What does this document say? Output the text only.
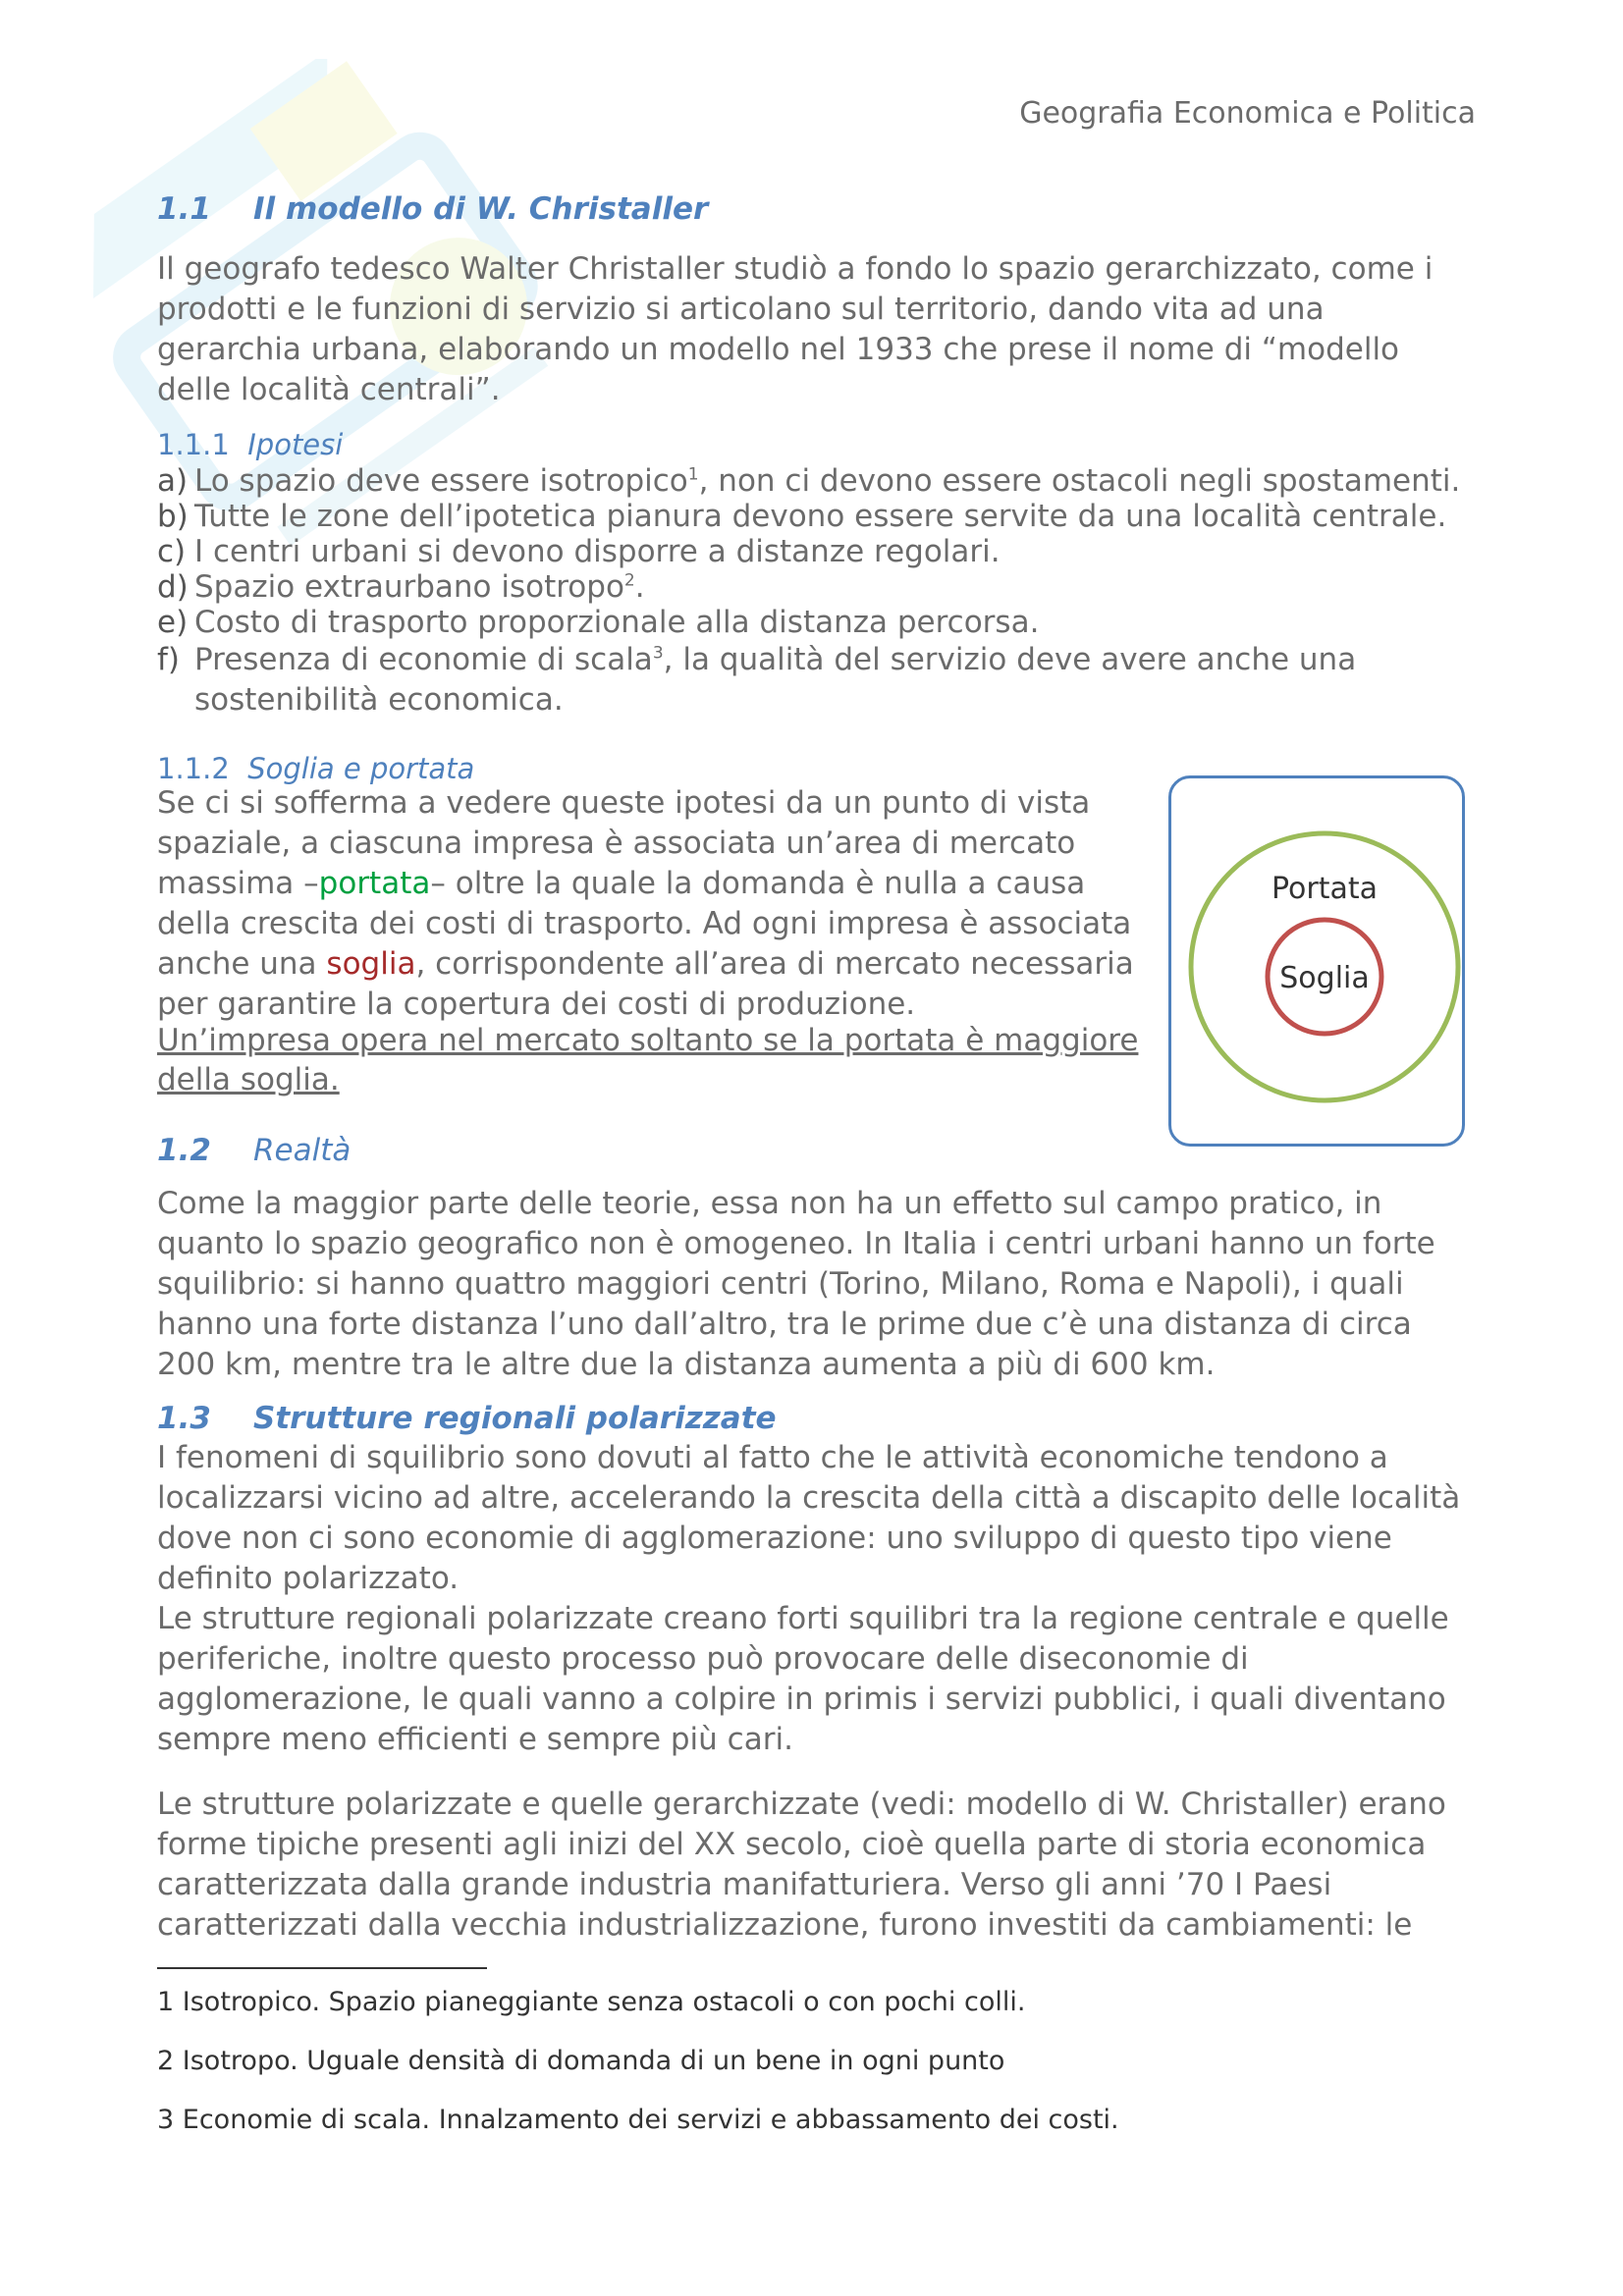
Geografia Economica e Politica
1.1 Il modello di W. Christaller

Il geografo tedesco Walter Christaller studiò a fondo lo spazio gerarchizzato, come i prodotti e le funzioni di servizio si articolano sul territorio, dando vita ad una gerarchia urbana, elaborando un modello nel 1933 che prese il nome di “modello delle località centrali”.

1.1.1 Ipotesi
a) Lo spazio deve essere isotropico$^1$, non ci devono essere ostacoli negli spostamenti.
b) Tutte le zone dell’ipotetica pianura devono essere servite da una località centrale.
c) I centri urbani si devono disporre a distanze regolari.
d) Spazio extraurbano isotropo$^2$.
e) Costo di trasporto proporzionale alla distanza percorsa.
f) Presenza di economie di scala$^3$, la qualità del servizio deve avere anche una sostenibilità economica.
1.1.2 Soglia e portata

Se ci si sofferma a vedere queste ipotesi da un punto di vista spaziale, a ciascuna impresa è associata un’area di mercato massima –portata– oltre la quale la domanda è nulla a causa della crescita dei costi di trasporto. Ad ogni impresa è associata anche una soglia, corrispondente all’area di mercato necessaria per garantire la copertura dei costi di produzione.

Un’impresa opera nel mercato soltanto se la portata è maggiore della soglia.

Portata
Soglia
1.2 Realtà

Come la maggior parte delle teorie, essa non ha un effetto sul campo pratico, in quanto lo spazio geografico non è omogeneo. In Italia i centri urbani hanno un forte squilibrio: si hanno quattro maggiori centri (Torino, Milano, Roma e Napoli), i quali hanno una forte distanza l’uno dall’altro, tra le prime due c’è una distanza di circa 200 km, mentre tra le altre due la distanza aumenta a più di 600 km.

1.3 Strutture regionali polarizzate

I fenomeni di squilibrio sono dovuti al fatto che le attività economiche tendono a localizzarsi vicino ad altre, accelerando la crescita della città a discapito delle località dove non ci sono economie di agglomerazione: uno sviluppo di questo tipo viene definito polarizzato.

Le strutture regionali polarizzate creano forti squilibri tra la regione centrale e quelle periferiche, inoltre questo processo può provocare delle diseconomie di agglomerazione, le quali vanno a colpire in primis i servizi pubblici, i quali diventano sempre meno efficienti e sempre più cari.

Le strutture polarizzate e quelle gerarchizzate (vedi: modello di W. Christaller) erano forme tipiche presenti agli inizi del XX secolo, cioè quella parte di storia economica caratterizzata dalla grande industria manifatturiera. Verso gli anni ’70 I Paesi caratterizzati dalla vecchia industrializzazione, furono investiti da cambiamenti: le

1 Isotropico. Spazio pianeggiante senza ostacoli o con pochi colli.
2 Isotropo. Uguale densità di domanda di un bene in ogni punto
3 Economie di scala. Innalzamento dei servizi e abbassamento dei costi.
